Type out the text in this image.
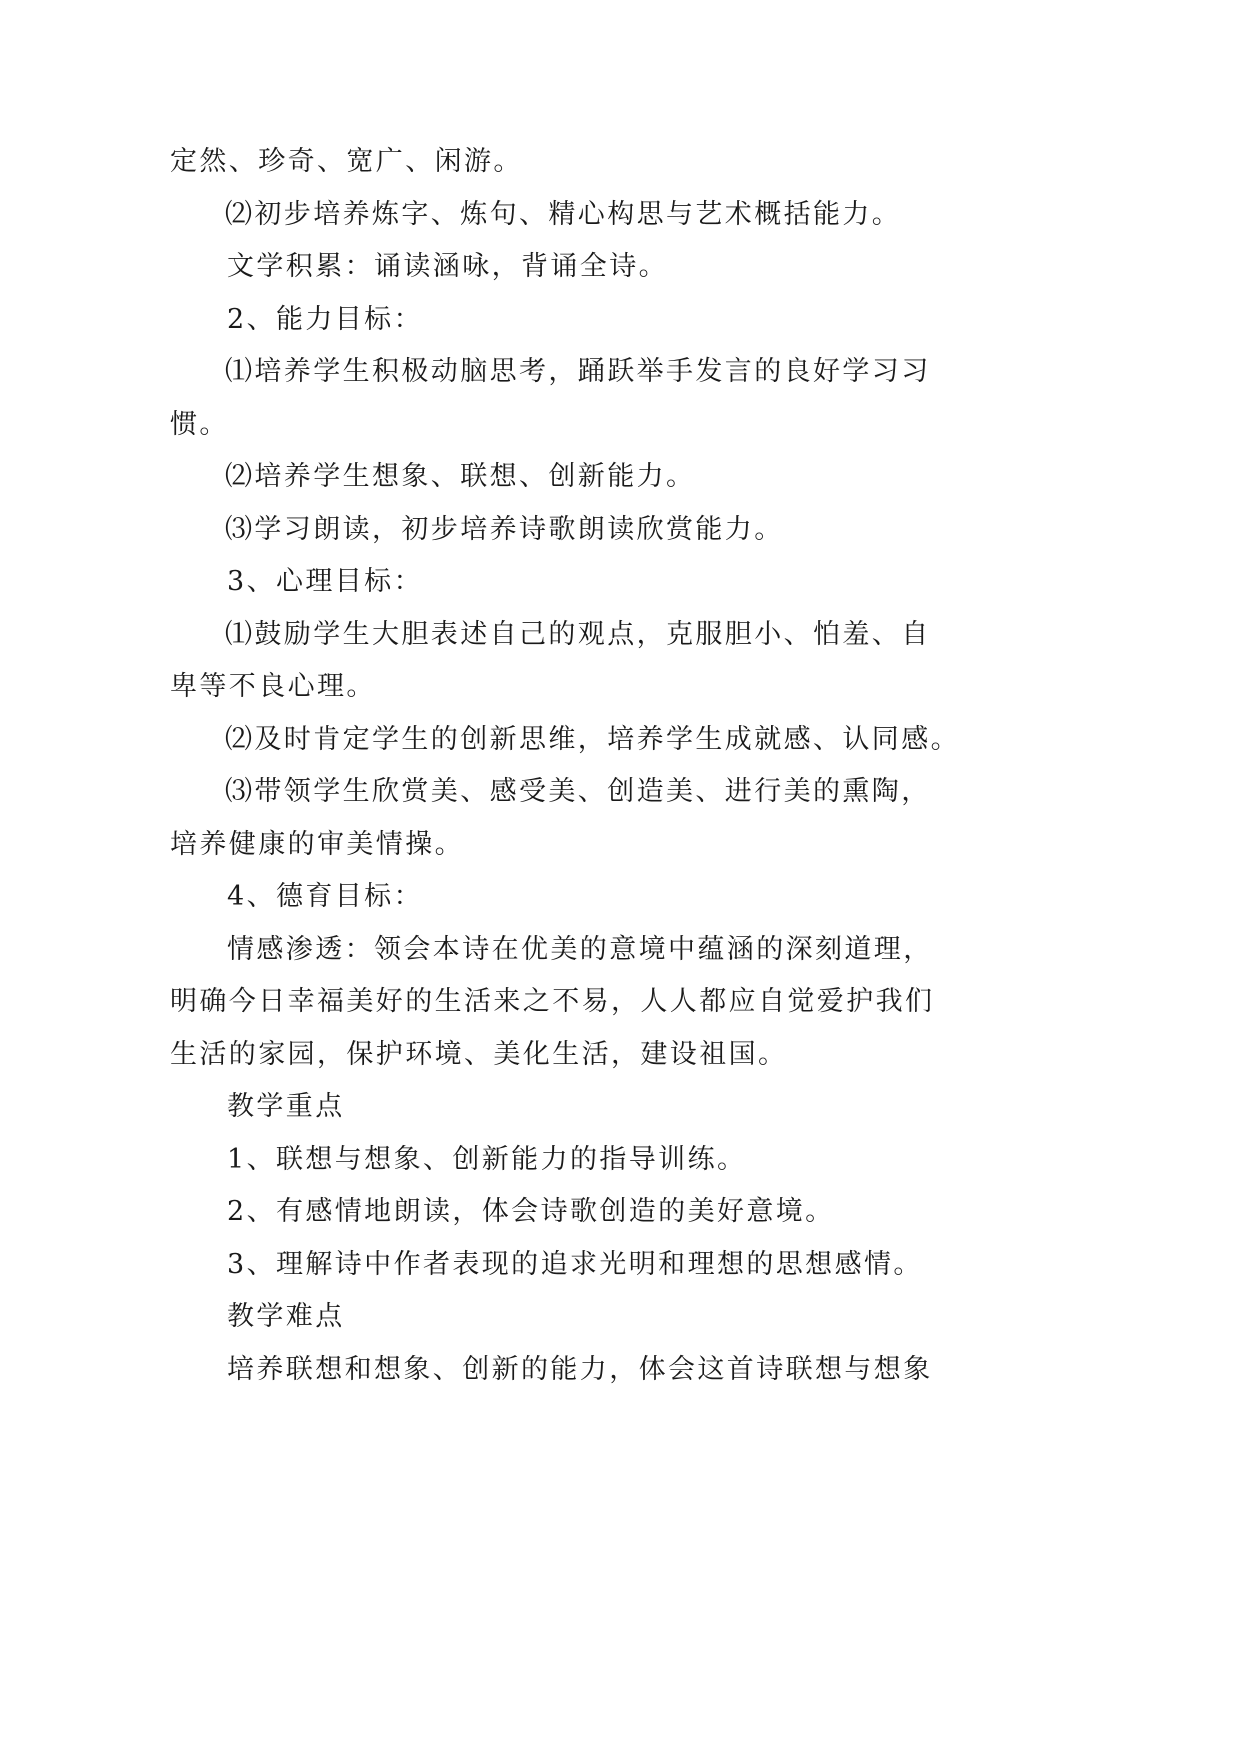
定然、珍奇、宽广、闲游。

⑵初步培养炼字、炼句、精心构思与艺术概括能力。

文学积累：诵读涵咏，背诵全诗。

2、能力目标：

⑴培养学生积极动脑思考，踊跃举手发言的良好学习习

惯。

⑵培养学生想象、联想、创新能力。

⑶学习朗读，初步培养诗歌朗读欣赏能力。

3、心理目标：

⑴鼓励学生大胆表述自己的观点，克服胆小、怕羞、自

卑等不良心理。

⑵及时肯定学生的创新思维，培养学生成就感、认同感。

⑶带领学生欣赏美、感受美、创造美、进行美的熏陶，

培养健康的审美情操。

4、德育目标：

情感渗透：领会本诗在优美的意境中蕴涵的深刻道理，

明确今日幸福美好的生活来之不易，人人都应自觉爱护我们

生活的家园，保护环境、美化生活，建设祖国。

教学重点

1、联想与想象、创新能力的指导训练。

2、有感情地朗读，体会诗歌创造的美好意境。

3、理解诗中作者表现的追求光明和理想的思想感情。

教学难点

培养联想和想象、创新的能力，体会这首诗联想与想象
